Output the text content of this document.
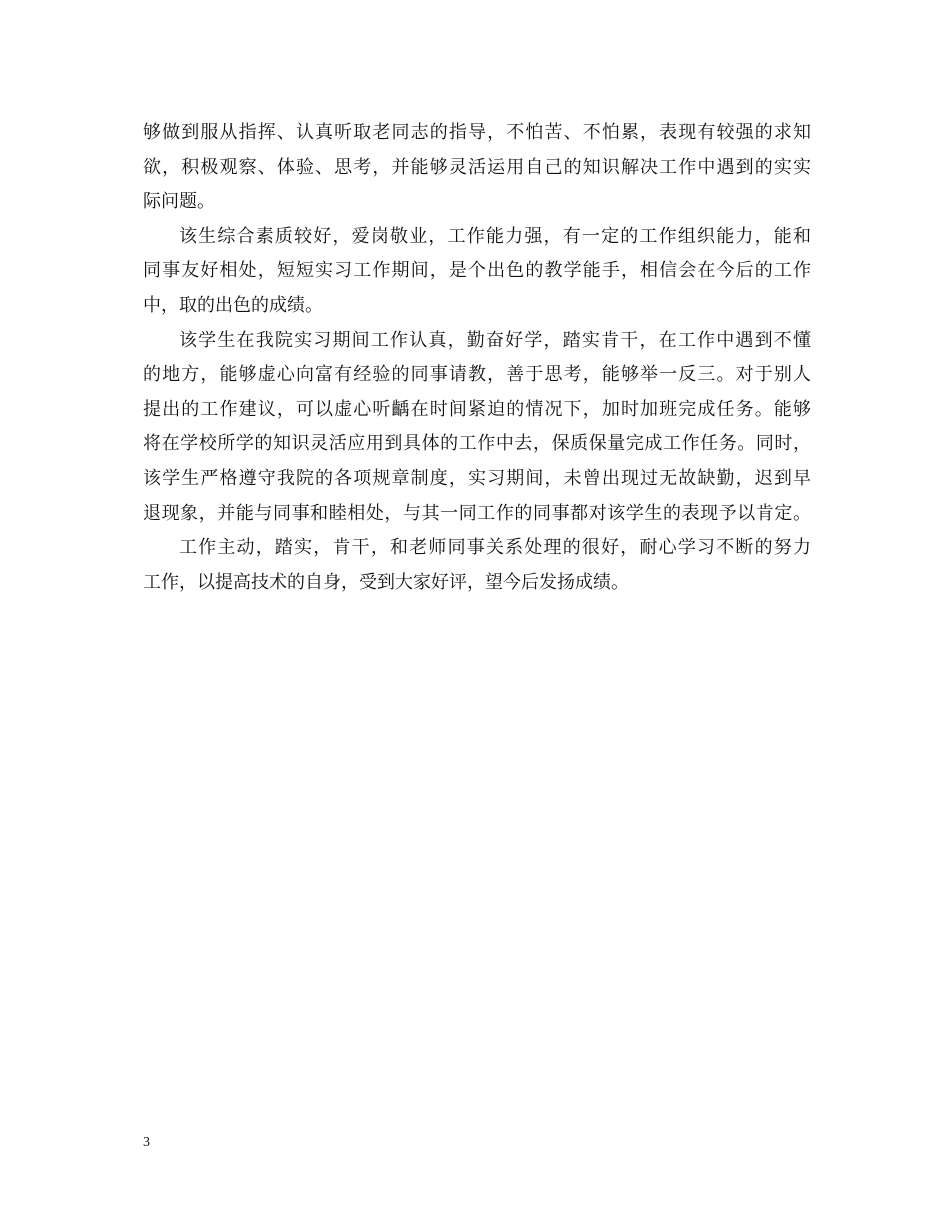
够做到服从指挥、认真听取老同志的指导，不怕苦、不怕累，表现有较强的求知
欲，积极观察、体验、思考，并能够灵活运用自己的知识解决工作中遇到的实实
际问题。
该生综合素质较好，爱岗敬业，工作能力强，有一定的工作组织能力，能和
同事友好相处，短短实习工作期间，是个出色的教学能手，相信会在今后的工作
中，取的出色的成绩。
该学生在我院实习期间工作认真，勤奋好学，踏实肯干，在工作中遇到不懂
的地方，能够虚心向富有经验的同事请教，善于思考，能够举一反三。对于别人
提出的工作建议，可以虚心听齲在时间紧迫的情况下，加时加班完成任务。能够
将在学校所学的知识灵活应用到具体的工作中去，保质保量完成工作任务。同时，
该学生严格遵守我院的各项规章制度，实习期间，未曾出现过无故缺勤，迟到早
退现象，并能与同事和睦相处，与其一同工作的同事都对该学生的表现予以肯定。
工作主动，踏实，肯干，和老师同事关系处理的很好，耐心学习不断的努力
工作，以提高技术的自身，受到大家好评，望今后发扬成绩。
3
